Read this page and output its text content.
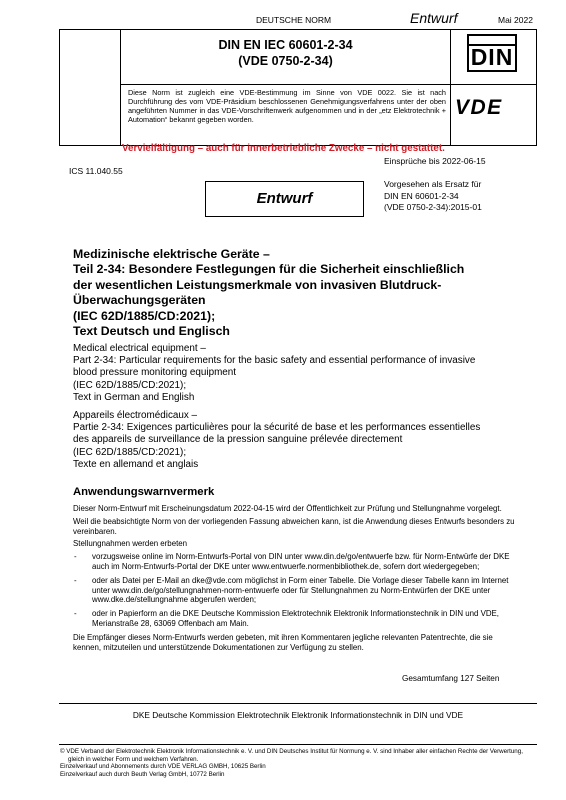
DEUTSCHE NORM	Entwurf	Mai 2022
DIN EN IEC 60601-2-34
(VDE 0750-2-34)	DIN
Diese Norm ist zugleich eine VDE-Bestimmung im Sinne von VDE 0022. Sie ist nach Durchführung des vom VDE-Präsidium beschlossenen Genehmigungsverfahrens unter der oben angeführten Nummer in das VDE-Vorschriftenwerk aufgenommen und in der „etz Elektrotechnik + Automation“ bekannt gegeben worden.
VDE
Vervielfältigung – auch für innerbetriebliche Zwecke – nicht gestattet.
Einsprüche bis 2022-06-15
ICS 11.040.55
Entwurf
Vorgesehen als Ersatz für
DIN EN 60601-2-34
(VDE 0750-2-34):2015-01
Medizinische elektrische Geräte –
Teil 2-34: Besondere Festlegungen für die Sicherheit einschließlich
der wesentlichen Leistungsmerkmale von invasiven Blutdruck-
Überwachungsgeräten
(IEC 62D/1885/CD:2021);
Text Deutsch und Englisch
Medical electrical equipment –
Part 2-34: Particular requirements for the basic safety and essential performance of invasive
blood pressure monitoring equipment
(IEC 62D/1885/CD:2021);
Text in German and English
Appareils électromédicaux –
Partie 2-34: Exigences particulières pour la sécurité de base et les performances essentielles
des appareils de surveillance de la pression sanguine prélevée directement
(IEC 62D/1885/CD:2021);
Texte en allemand et anglais
Anwendungswarnvermerk

Dieser Norm-Entwurf mit Erscheinungsdatum 2022-04-15 wird der Öffentlichkeit zur Prüfung und Stellungnahme vorgelegt.

Weil die beabsichtigte Norm von der vorliegenden Fassung abweichen kann, ist die Anwendung dieses Entwurfs besonders zu vereinbaren.

Stellungnahmen werden erbeten

- vorzugsweise online im Norm-Entwurfs-Portal von DIN unter www.din.de/go/entwuerfe bzw. für Norm-Entwürfe der DKE auch im Norm-Entwurfs-Portal der DKE unter www.entwuerfe.normenbibliothek.de, sofern dort wiedergegeben;
- oder als Datei per E-Mail an dke@vde.com möglichst in Form einer Tabelle. Die Vorlage dieser Tabelle kann im Internet unter www.din.de/go/stellungnahmen-norm-entwuerfe oder für Stellungnahmen zu Norm-Entwürfen der DKE unter www.dke.de/stellungnahme abgerufen werden;
- oder in Papierform an die DKE Deutsche Kommission Elektrotechnik Elektronik Informationstechnik in DIN und VDE, Merianstraße 28, 63069 Offenbach am Main.

Die Empfänger dieses Norm-Entwurfs werden gebeten, mit ihren Kommentaren jegliche relevanten Patentrechte, die sie kennen, mitzuteilen und unterstützende Dokumentationen zur Verfügung zu stellen.

Gesamtumfang 127 Seiten
DKE Deutsche Kommission Elektrotechnik Elektronik Informationstechnik in DIN und VDE
© VDE Verband der Elektrotechnik Elektronik Informationstechnik e. V. und DIN Deutsches Institut für Normung e. V. sind Inhaber aller einfachen Rechte der Verwertung,
gleich in welcher Form und welchem Verfahren.
Einzelverkauf und Abonnements durch VDE VERLAG GMBH, 10625 Berlin
Einzelverkauf auch durch Beuth Verlag GmbH, 10772 Berlin
